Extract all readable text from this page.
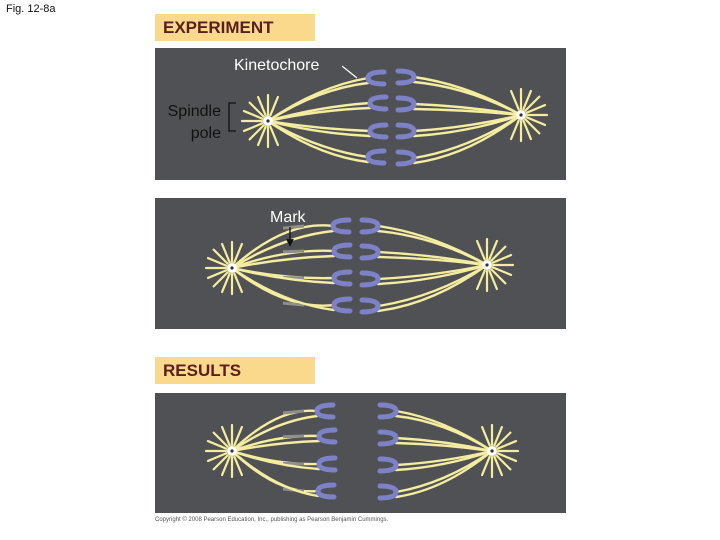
Fig. 12-8a
EXPERIMENT
RESULTS
Kinetochore
Spindle
pole
Mark
Copyright © 2008 Pearson Education, Inc., publishing as Pearson Benjamin Cummings.
